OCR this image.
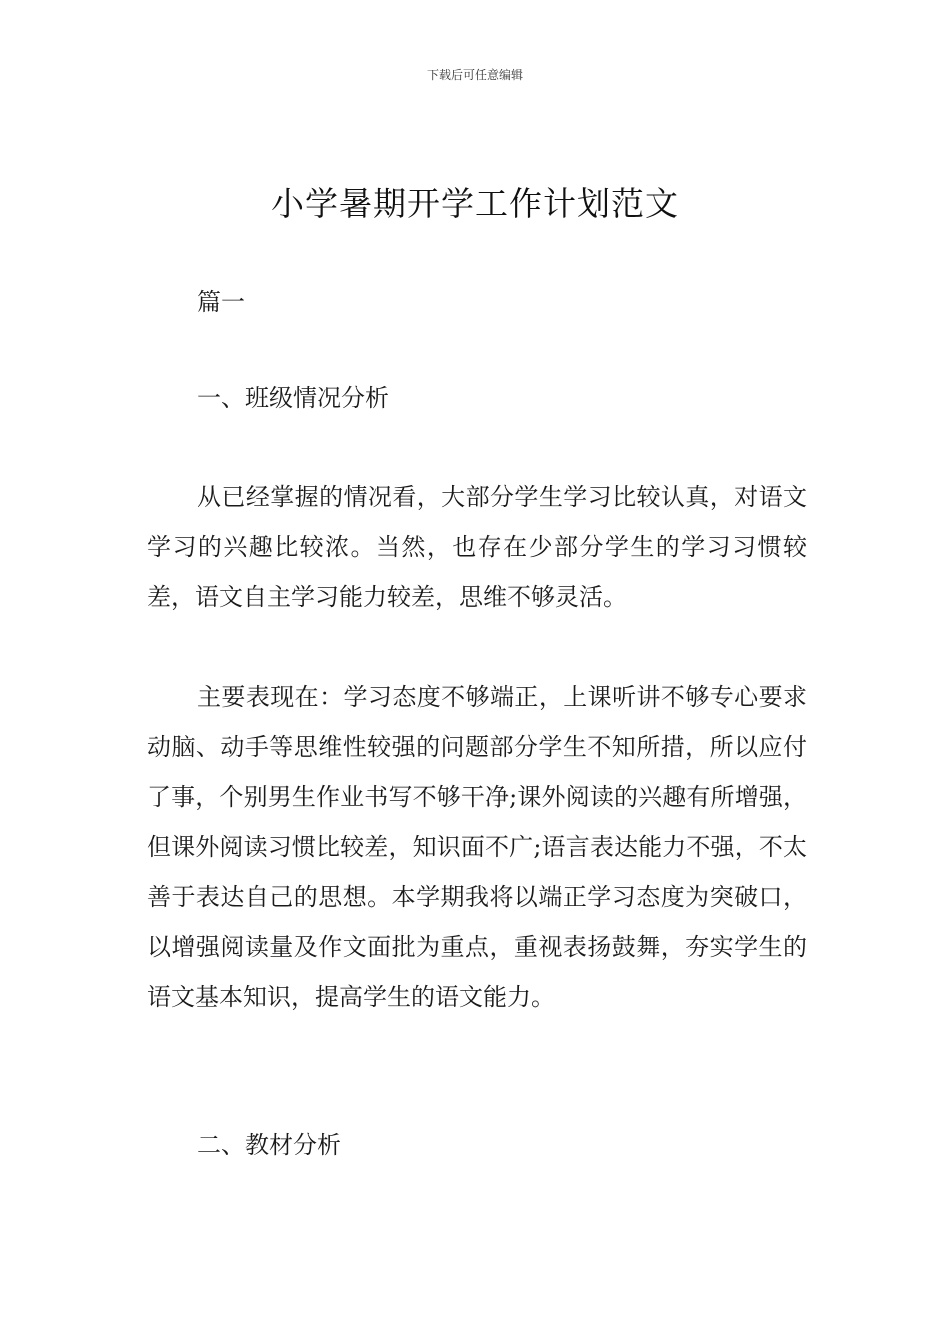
下载后可任意编辑
小学暑期开学工作计划范文
篇一
一、班级情况分析
从已经掌握的情况看，大部分学生学习比较认真，对语文学习的兴趣比较浓。当然，也存在少部分学生的学习习惯较差，语文自主学习能力较差，思维不够灵活。
主要表现在：学习态度不够端正，上课听讲不够专心要求动脑、动手等思维性较强的问题部分学生不知所措，所以应付了事，个别男生作业书写不够干净;课外阅读的兴趣有所增强，但课外阅读习惯比较差，知识面不广;语言表达能力不强，不太善于表达自己的思想。本学期我将以端正学习态度为突破口，以增强阅读量及作文面批为重点，重视表扬鼓舞，夯实学生的语文基本知识，提高学生的语文能力。
二、教材分析
